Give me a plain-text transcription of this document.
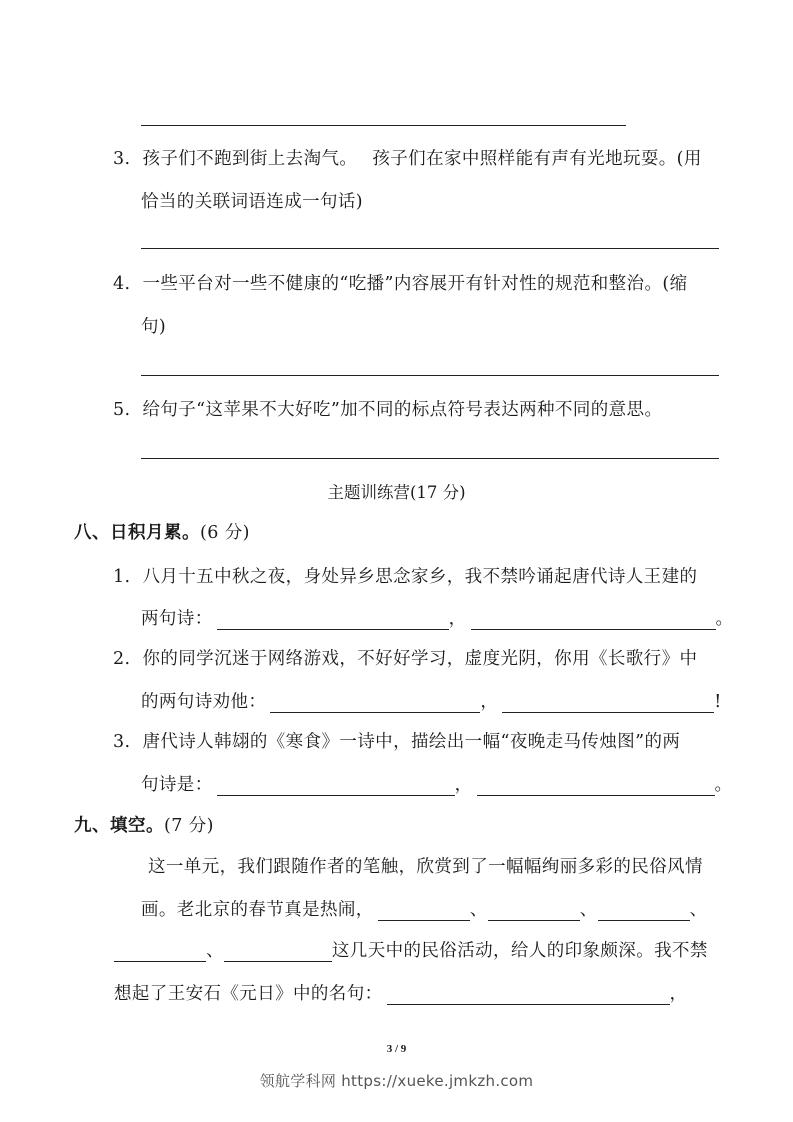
3. 孩子们不跑到街上去淘气。　 孩子们在家中照样能有声有光地玩耍。(用
恰当的关联词语连成一句话)
4. 一些平台对一些不健康的“吃播”内容展开有针对性的规范和整治。(缩
句)
5. 给句子“这苹果不大好吃”加不同的标点符号表达两种不同的意思。
主题训练营(17 分)
八、日积月累。(6 分)
1. 八月十五中秋之夜，身处异乡思念家乡，我不禁吟诵起唐代诗人王建的
两句诗：	，	。
2. 你的同学沉迷于网络游戏，不好好学习，虚度光阴，你用《长歌行》中
的两句诗劝他：	，	!
3. 唐代诗人韩翃的《寒食》一诗中，描绘出一幅“夜晚走马传烛图”的两
句诗是：	，	。
九、填空。(7 分)
这一单元，我们跟随作者的笔触，欣赏到了一幅幅绚丽多彩的民俗风情
画。老北京的春节真是热闹，	、	、	、
、	这几天中的民俗活动，给人的印象颇深。我不禁
想起了王安石《元日》中的名句：	，
3 / 9
领航学科网 https://xueke.jmkzh.com
